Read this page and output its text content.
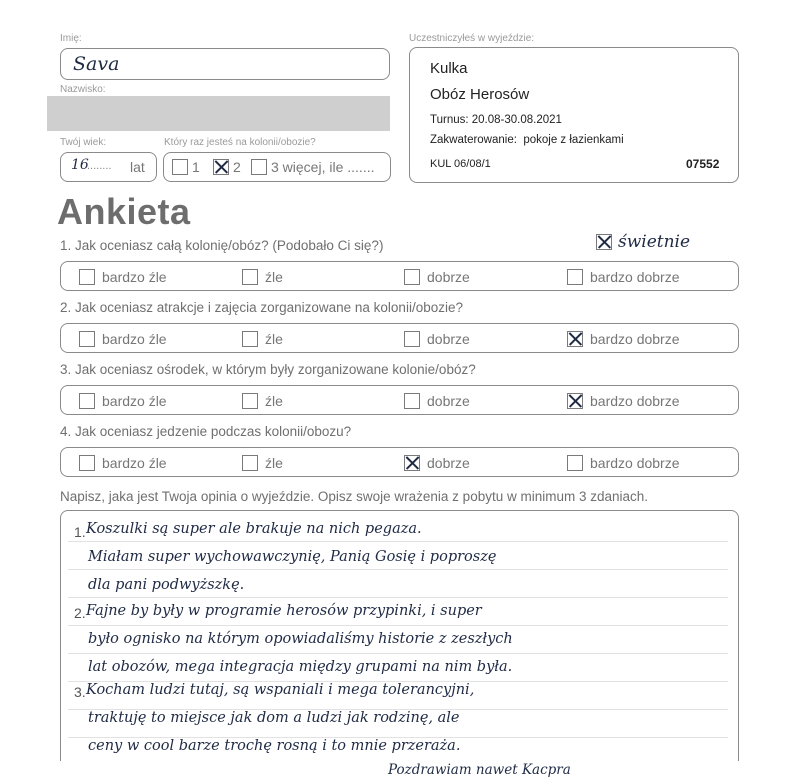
Imię:
Sava
Nazwisko:
Twój wiek:
16
........ lat
Który raz jesteś na kolonii/obozie?
1 2 3 więcej, ile .......
Uczestniczyłeś w wyjeździe:
Kulka
Obóz Herosów
Turnus: 20.08-30.08.2021
Zakwaterowanie: pokoje z łazienkami
KUL 06/08/1	07552
Ankieta
1. Jak oceniasz całą kolonię/obóz? (Podobało Ci się?)	świetnie
bardzo źle	źle	dobrze	bardzo dobrze
2. Jak oceniasz atrakcje i zajęcia zorganizowane na kolonii/obozie?
bardzo źle	źle	dobrze	bardzo dobrze
3. Jak oceniasz ośrodek, w którym były zorganizowane kolonie/obóz?
bardzo źle	źle	dobrze	bardzo dobrze
4. Jak oceniasz jedzenie podczas kolonii/obozu?
bardzo źle	źle	dobrze	bardzo dobrze
Napisz, jaka jest Twoja opinia o wyjeździe. Opisz swoje wrażenia z pobytu w minimum 3 zdaniach.
1. Koszulki są super ale brakuje na nich pegaza.
Miałam super wychowawczynię, Panią Gosię i poproszę
dla pani podwyższkę.
2. Fajne by były w programie herosów przypinki, i super
było ognisko na którym opowiadaliśmy historie z zeszłych
lat obozów, mega integracja między grupami na nim była.
3. Kocham ludzi tutaj, są wspaniali i mega tolerancyjni,
traktuję to miejsce jak dom a ludzi jak rodzinę, ale
ceny w cool barze trochę rosną i to mnie przeraża.
Pozdrawiam nawet Kacpra
